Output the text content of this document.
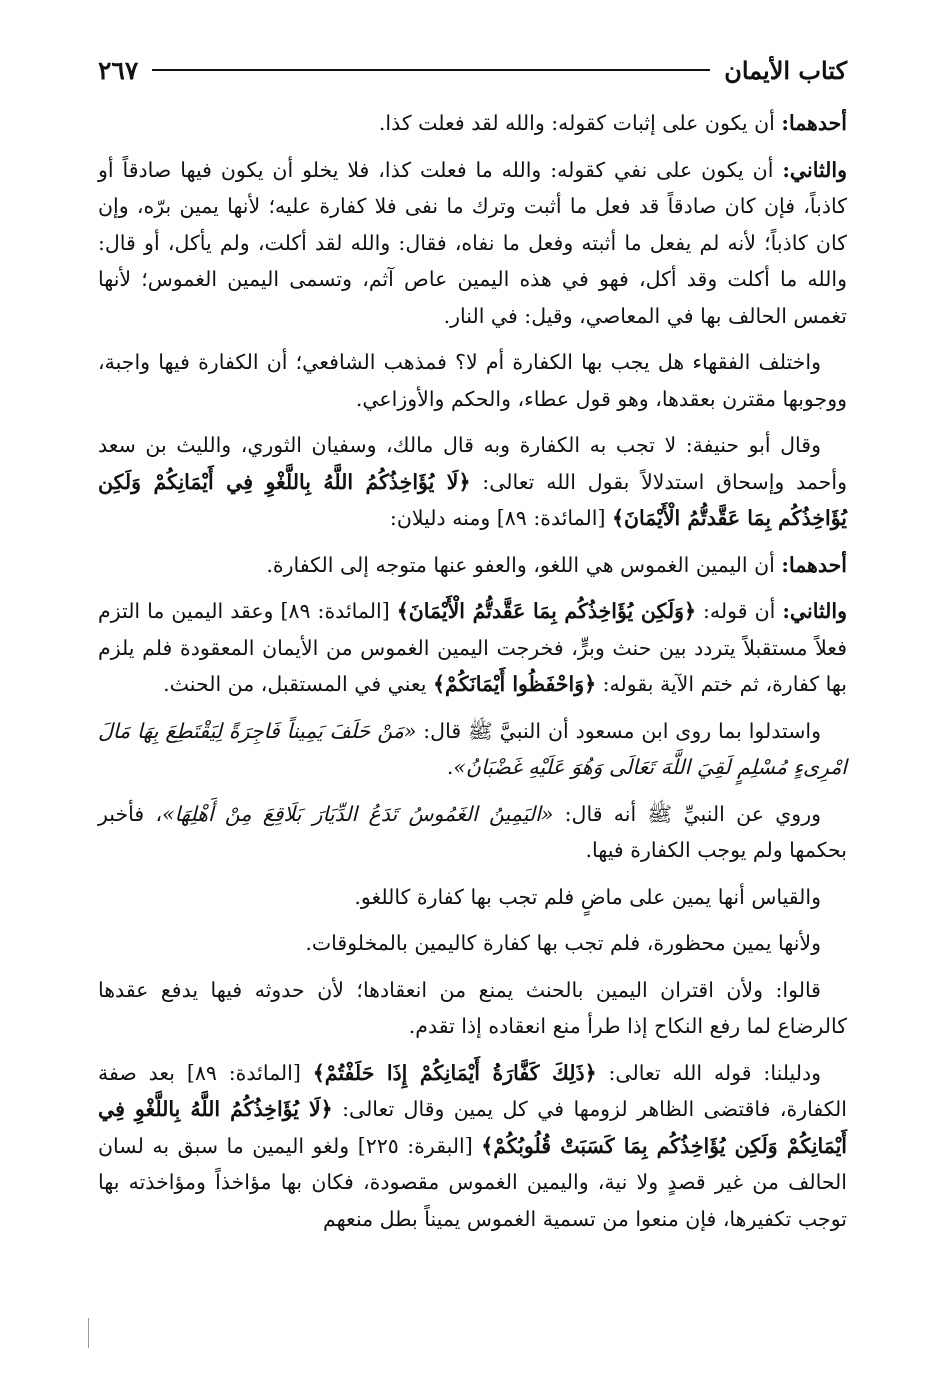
٢٦٧	كتاب الأيمان

أحدهما: أن يكون على إثبات كقوله: والله لقد فعلت كذا.

والثاني: أن يكون على نفي كقوله: والله ما فعلت كذا، فلا يخلو أن يكون فيها صادقاً أو كاذباً، فإن كان صادقاً قد فعل ما أثبت وترك ما نفى فلا كفارة عليه؛ لأنها يمين برّه، وإن كان كاذباً؛ لأنه لم يفعل ما أثبته وفعل ما نفاه، فقال: والله لقد أكلت، ولم يأكل، أو قال: والله ما أكلت وقد أكل، فهو في هذه اليمين عاص آثم، وتسمى اليمين الغموس؛ لأنها تغمس الحالف بها في المعاصي، وقيل: في النار.

واختلف الفقهاء هل يجب بها الكفارة أم لا؟ فمذهب الشافعي؛ أن الكفارة فيها واجبة، ووجوبها مقترن بعقدها، وهو قول عطاء، والحكم والأوزاعي.

وقال أبو حنيفة: لا تجب به الكفارة وبه قال مالك، وسفيان الثوري، والليث بن سعد وأحمد وإسحاق استدلالاً بقول الله تعالى: ﴿لَا يُؤَاخِذُكُمُ اللَّهُ بِاللَّغْوِ فِي أَيْمَانِكُمْ وَلَكِن يُؤَاخِذُكُم بِمَا عَقَّدتُّمُ الْأَيْمَانَ﴾ [المائدة: ٨٩] ومنه دليلان:

أحدهما: أن اليمين الغموس هي اللغو، والعفو عنها متوجه إلى الكفارة.

والثاني: أن قوله: ﴿وَلَكِن يُؤَاخِذُكُم بِمَا عَقَّدتُّمُ الْأَيْمَانَ﴾ [المائدة: ٨٩] وعقد اليمين ما التزم فعلاً مستقبلاً يتردد بين حنث وبرٍّ، فخرجت اليمين الغموس من الأيمان المعقودة فلم يلزم بها كفارة، ثم ختم الآية بقوله: ﴿وَاحْفَظُوا أَيْمَانَكُمْ﴾ يعني في المستقبل، من الحنث.

واستدلوا بما روى ابن مسعود أن النبيَّ ﷺ قال: «مَنْ حَلَفَ يَمِيناً فَاجِرَةً لِيَقْتَطِعَ بِهَا مَالَ امْرِىءٍ مُسْلِمٍ لَقِيَ اللَّهَ تَعَالَى وَهُوَ عَلَيْهِ غَضْبَانُ».

وروي عن النبيِّ ﷺ أنه قال: «اليَمِينُ الغَمُوسُ تَدَعُ الدِّيَارَ بَلَاقِعَ مِنْ أَهْلِهَا»، فأخبر بحكمها ولم يوجب الكفارة فيها.

والقياس أنها يمين على ماضٍ فلم تجب بها كفارة كاللغو.

ولأنها يمين محظورة، فلم تجب بها كفارة كاليمين بالمخلوقات.

قالوا: ولأن اقتران اليمين بالحنث يمنع من انعقادها؛ لأن حدوثه فيها يدفع عقدها كالرضاع لما رفع النكاح إذا طرأ منع انعقاده إذا تقدم.

ودليلنا: قوله الله تعالى: ﴿ذَلِكَ كَفَّارَةُ أَيْمَانِكُمْ إِذَا حَلَفْتُمْ﴾ [المائدة: ٨٩] بعد صفة الكفارة، فاقتضى الظاهر لزومها في كل يمين وقال تعالى: ﴿لَا يُؤَاخِذُكُمُ اللَّهُ بِاللَّغْوِ فِي أَيْمَانِكُمْ وَلَكِن يُؤَاخِذُكُم بِمَا كَسَبَتْ قُلُوبُكُمْ﴾ [البقرة: ٢٢٥] ولغو اليمين ما سبق به لسان الحالف من غير قصدٍ ولا نية، واليمين الغموس مقصودة، فكان بها مؤاخذاً ومؤاخذته بها توجب تكفيرها، فإن منعوا من تسمية الغموس يميناً بطل منعهم
